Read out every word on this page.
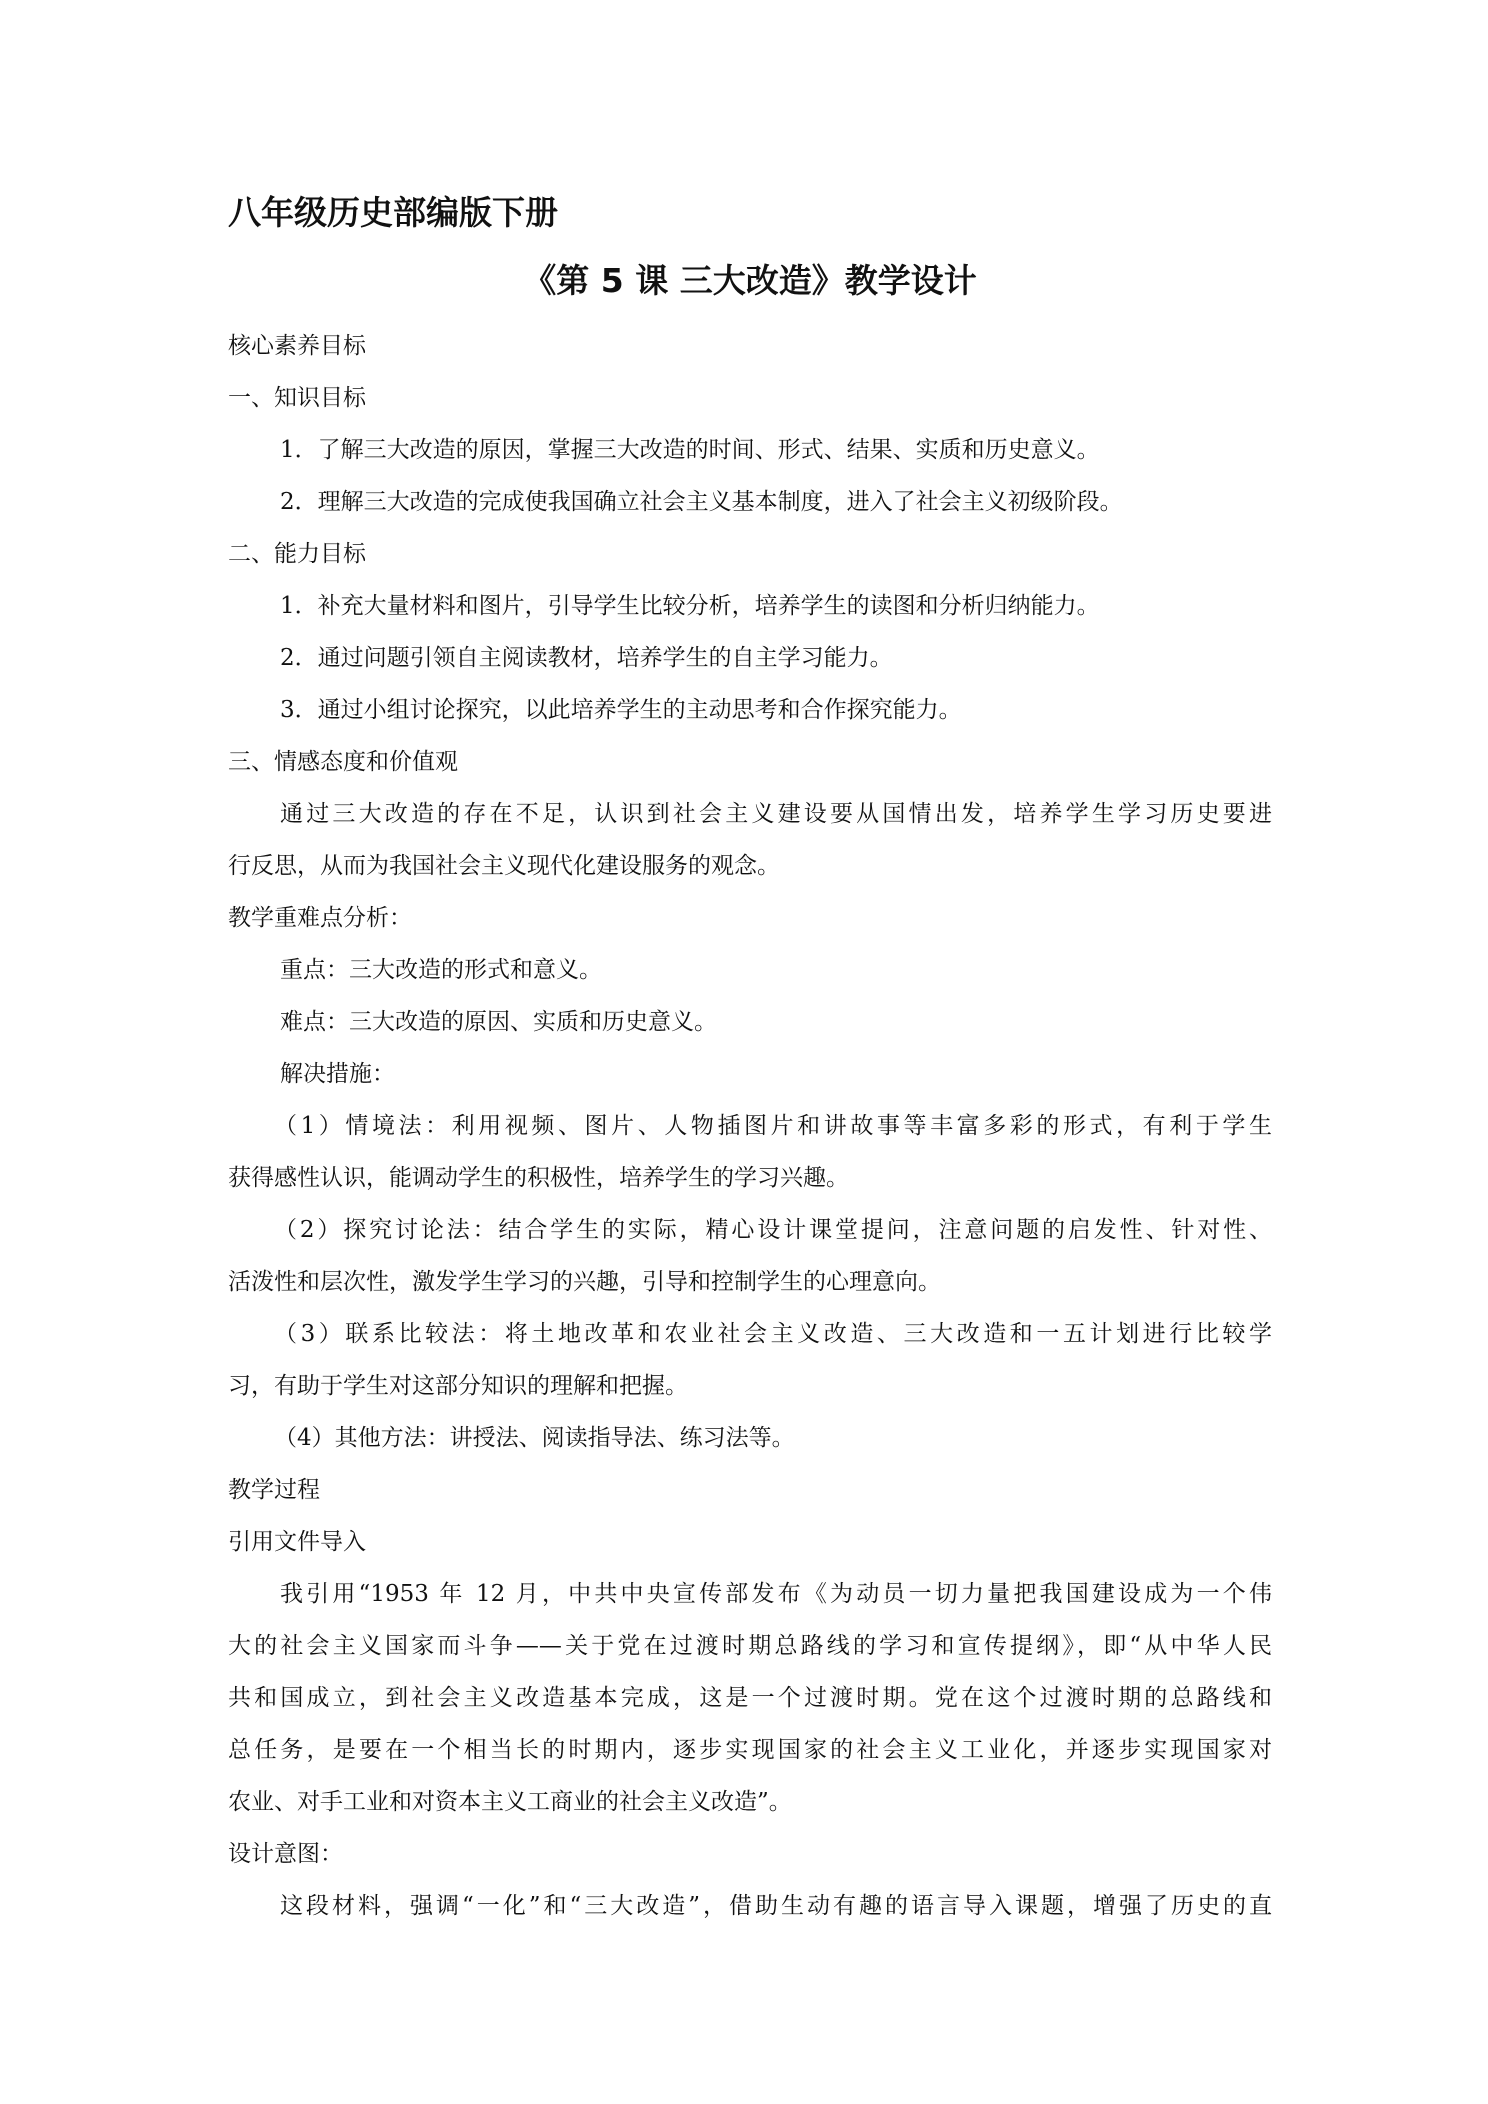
八年级历史部编版下册
《第 5 课 三大改造》教学设计
核心素养目标
一、知识目标
1．了解三大改造的原因，掌握三大改造的时间、形式、结果、实质和历史意义。
2．理解三大改造的完成使我国确立社会主义基本制度，进入了社会主义初级阶段。
二、能力目标
1．补充大量材料和图片，引导学生比较分析，培养学生的读图和分析归纳能力。
2．通过问题引领自主阅读教材，培养学生的自主学习能力。
3．通过小组讨论探究，以此培养学生的主动思考和合作探究能力。
三、情感态度和价值观
通过三大改造的存在不足，认识到社会主义建设要从国情出发，培养学生学习历史要进
行反思，从而为我国社会主义现代化建设服务的观念。
教学重难点分析：
重点：三大改造的形式和意义。
难点：三大改造的原因、实质和历史意义。
解决措施：
（1）情境法：利用视频、图片、人物插图片和讲故事等丰富多彩的形式，有利于学生
获得感性认识，能调动学生的积极性，培养学生的学习兴趣。
（2）探究讨论法：结合学生的实际，精心设计课堂提问，注意问题的启发性、针对性、
活泼性和层次性，激发学生学习的兴趣，引导和控制学生的心理意向。
（3）联系比较法：将土地改革和农业社会主义改造、三大改造和一五计划进行比较学
习，有助于学生对这部分知识的理解和把握。
（4）其他方法：讲授法、阅读指导法、练习法等。
教学过程
引用文件导入
我引用“1953 年 12 月，中共中央宣传部发布《为动员一切力量把我国建设成为一个伟
大的社会主义国家而斗争——关于党在过渡时期总路线的学习和宣传提纲》，即“从中华人民
共和国成立，到社会主义改造基本完成，这是一个过渡时期。党在这个过渡时期的总路线和
总任务，是要在一个相当长的时期内，逐步实现国家的社会主义工业化，并逐步实现国家对
农业、对手工业和对资本主义工商业的社会主义改造”。
设计意图：
这段材料，强调“一化”和“三大改造”，借助生动有趣的语言导入课题，增强了历史的直
